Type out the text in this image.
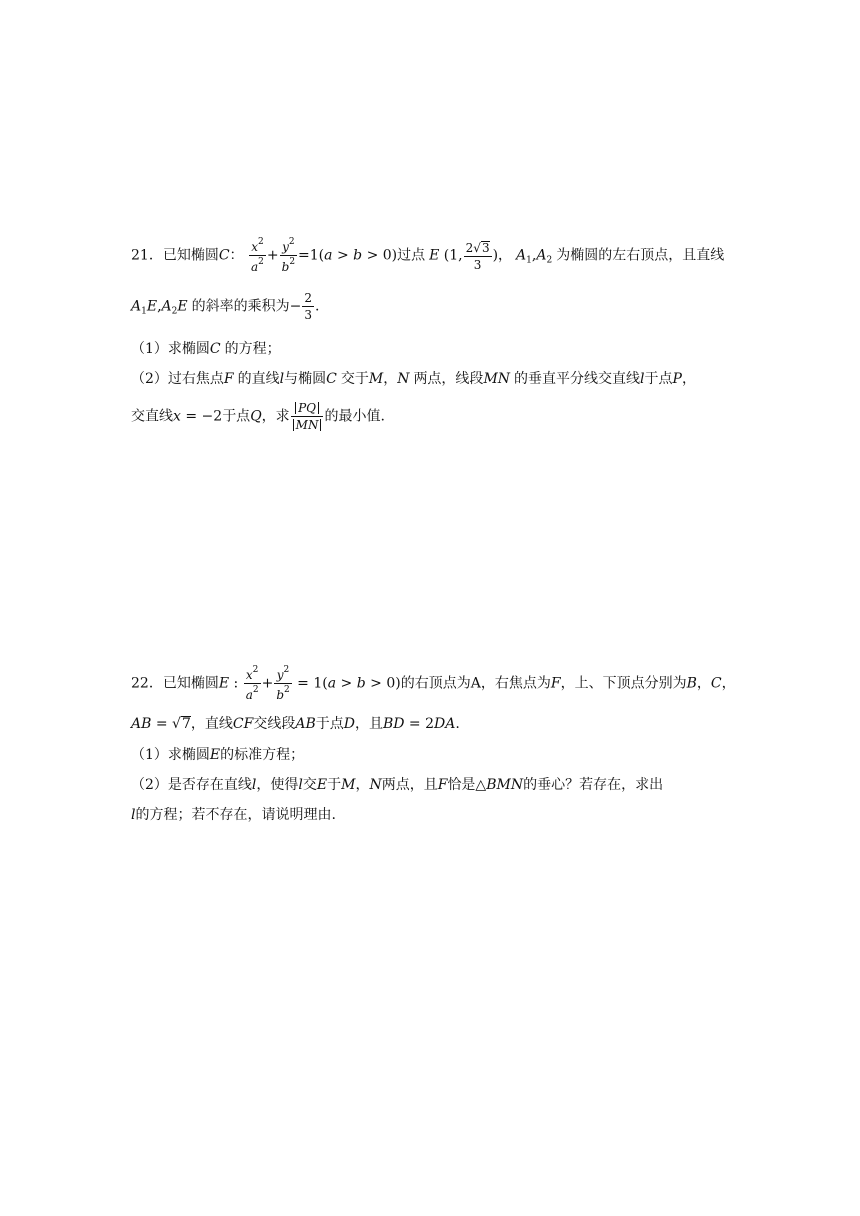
21．已知椭圆C： $\frac{x^2}{a^2} + \frac{y^2}{b^2} =1(a > b > 0)$过点 E (1, $\frac{2√3}{3}$ )， $A_1,A_2$ 为椭圆的左右顶点，且直线
$A_1E,A_2E$ 的斜率的乘积为− $\frac{2}{3}$ .
（1）求椭圆C 的方程；
（2）过右焦点F 的直线l与椭圆C 交于M，N 两点，线段MN 的垂直平分线交直线l于点P，
交直线x = −2于点Q，求 $\frac{PQ}{MN}$ 的最小值.
22．已知椭圆E : $\frac{x^2}{a^2} + \frac{y^2}{b^2} = 1(a > b > 0)$的右顶点为A，右焦点为F，上、下顶点分别为B，C，
AB = √7，直线CF交线段AB于点D，且BD = 2DA.
（1）求椭圆E的标准方程；
（2）是否存在直线l，使得l交E于M，N两点，且F恰是△BMN的垂心？若存在，求出
l的方程；若不存在，请说明理由.
